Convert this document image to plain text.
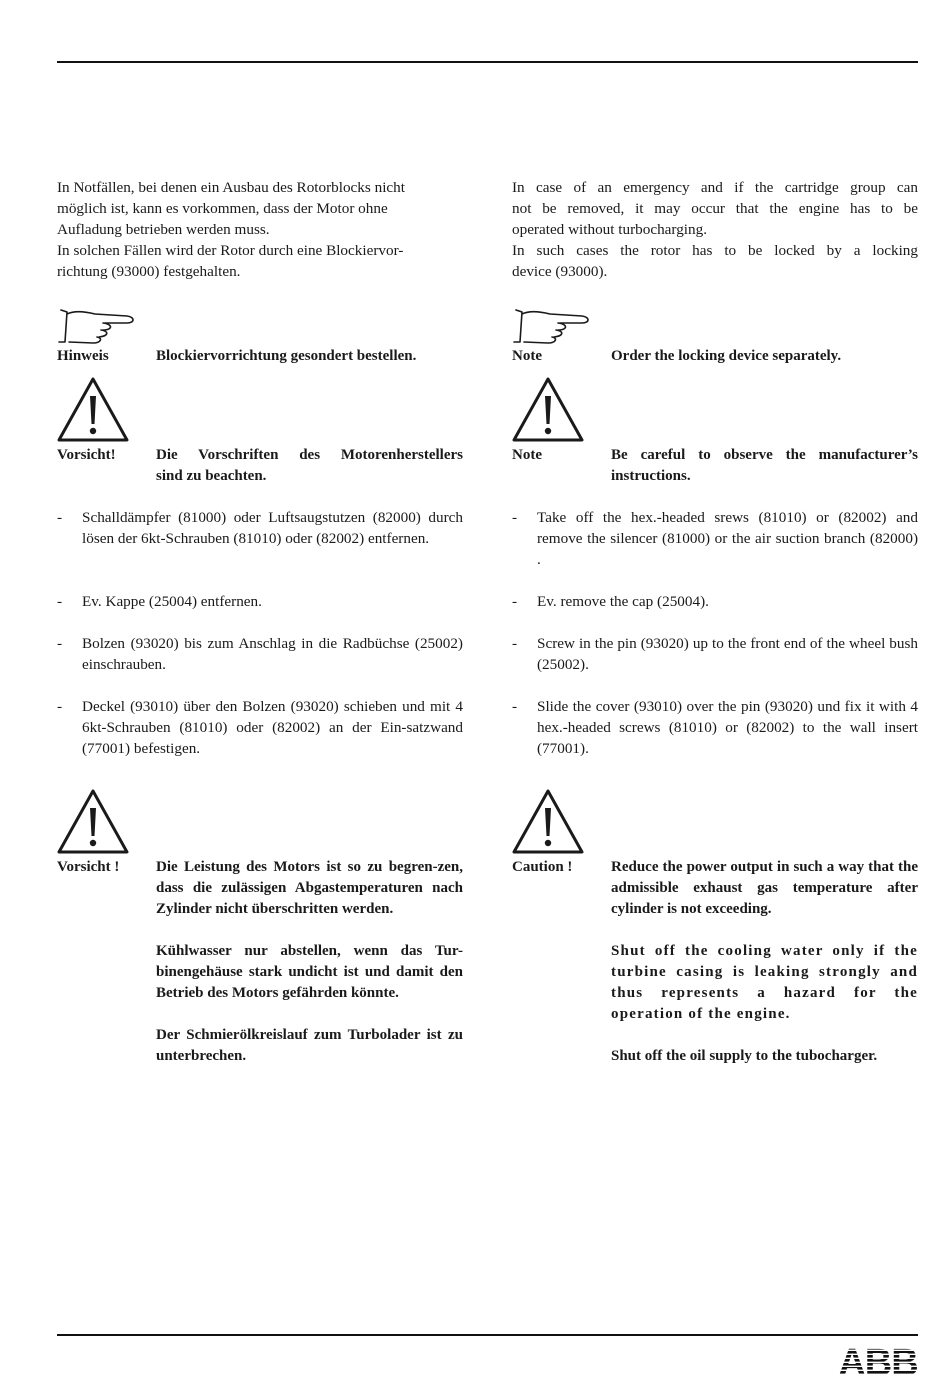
In Notfällen, bei denen ein Ausbau des Rotorblocks nicht
möglich ist, kann es vorkommen, dass der Motor ohne
Aufladung betrieben werden muss.
In solchen Fällen wird der Rotor durch eine Blockiervor-
richtung (93000) festgehalten.
Hinweis	Blockiervorrichtung gesondert bestellen.
Vorsicht!	Die Vorschriften des Motorenherstellers
sind zu beachten.
- Schalldämpfer (81000) oder Luftsaugstutzen (82000) durch lösen der 6kt-Schrauben (81010) oder (82002) entfernen.
- Ev. Kappe (25004) entfernen.
- Bolzen (93020) bis zum Anschlag in die Radbüchse (25002) einschrauben.
- Deckel (93010) über den Bolzen (93020) schieben und mit 4 6kt-Schrauben (81010) oder (82002) an der Ein-satzwand (77001) befestigen.
Vorsicht !	Die Leistung des Motors ist so zu begren-zen, dass die zulässigen Abgastemperaturen nach Zylinder nicht überschritten werden.

Kühlwasser nur abstellen, wenn das Tur-binengehäuse stark undicht ist und damit den Betrieb des Motors gefährden könnte.

Der Schmierölkreislauf zum Turbolader ist zu unterbrechen.

In case of an emergency and if the cartridge group can
not be removed, it may occur that the engine has to be
operated without turbocharging.
In such cases the rotor has to be locked by a locking
device (93000).
Note	Order the locking device separately.
Note	Be careful to observe the manufacturer’s
instructions.
- Take off the hex.-headed srews (81010) or (82002) and remove the silencer (81000) or the air suction branch (82000) .
- Ev. remove the cap (25004).
- Screw in the pin (93020) up to the front end of the wheel bush (25002).
- Slide the cover (93010) over the pin (93020) und fix it with 4 hex.-headed screws (81010) or (82002) to the wall insert (77001).
Caution !	Reduce the power output in such a way that the admissible exhaust gas temperature after cylinder is not exceeding.

Shut off the cooling water only if the turbine casing is leaking strongly and thus represents a hazard for the operation of the engine.

Shut off the oil supply to the tubocharger.

ABB
